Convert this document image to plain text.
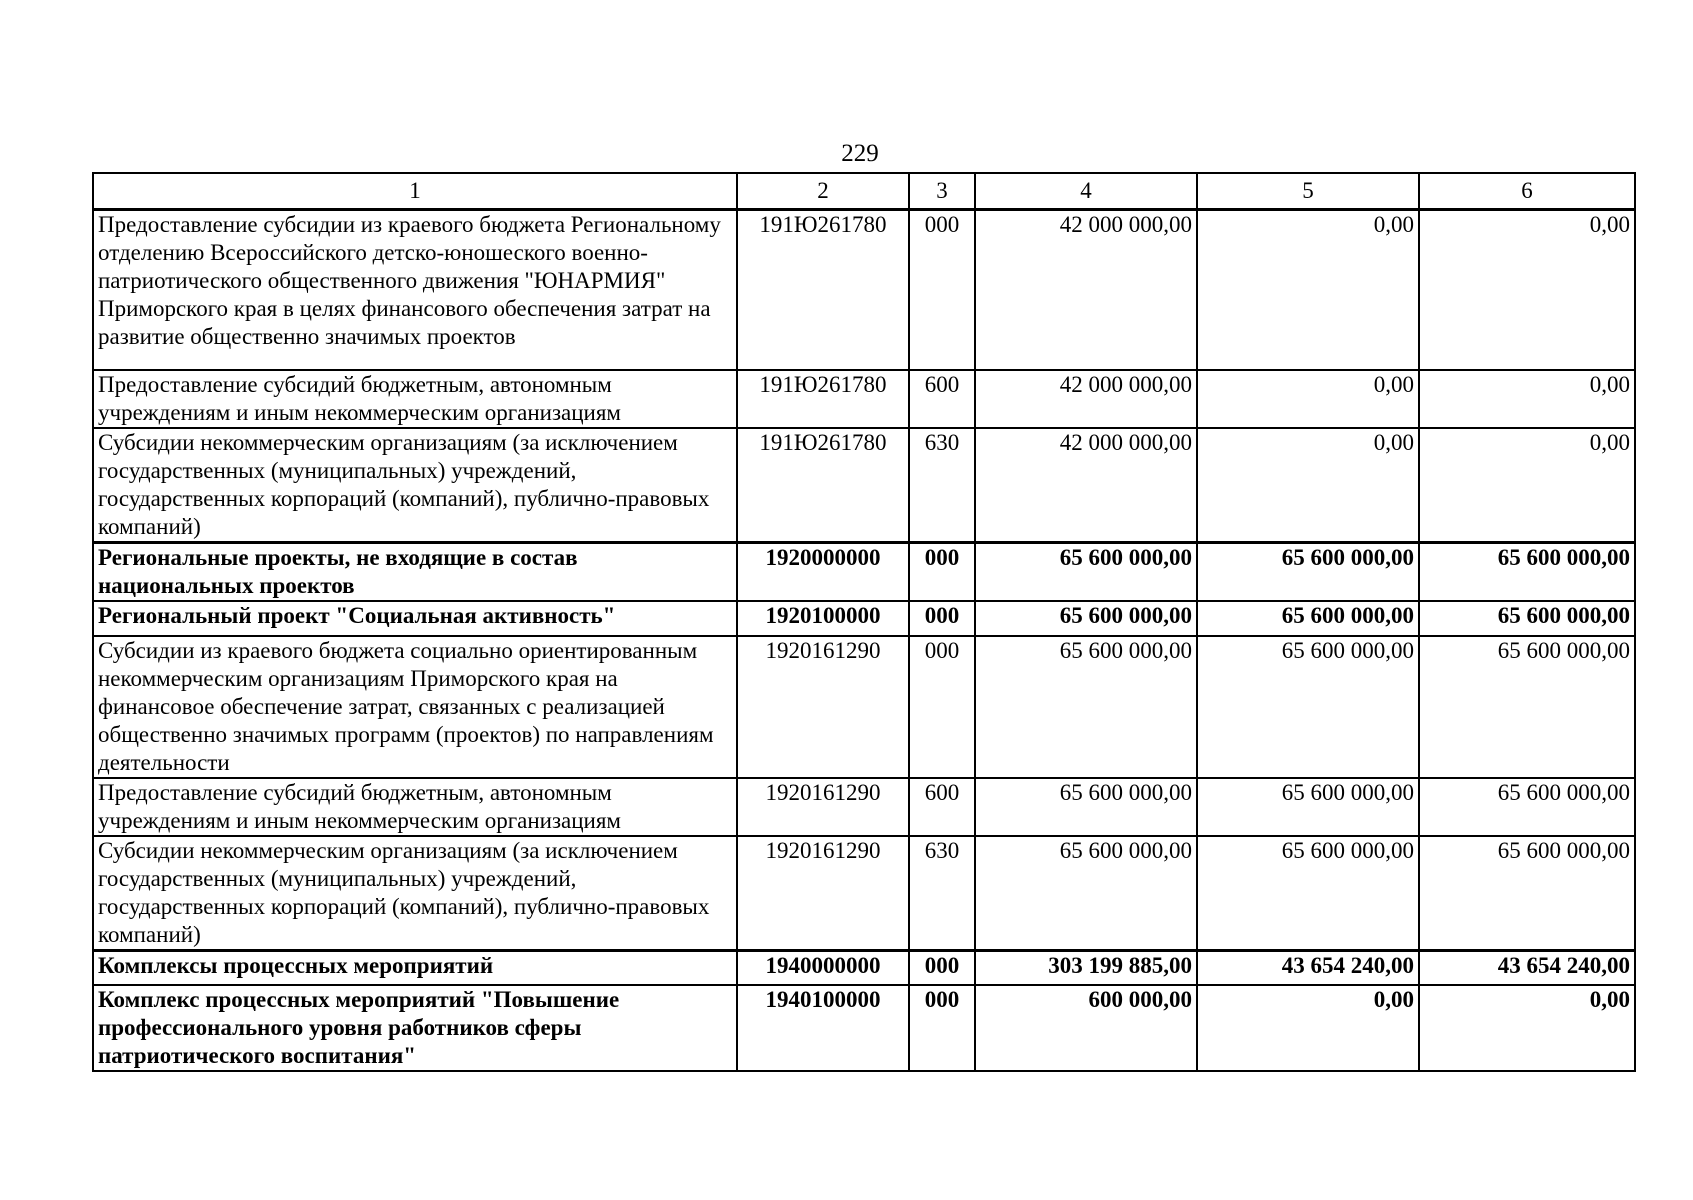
229
1	2	3	4	5	6
Предоставление субсидии из краевого бюджета Региональному отделению Всероссийского детско-юношеского военно-патриотического общественного движения "ЮНАРМИЯ" Приморского края в целях финансового обеспечения затрат на развитие общественно значимых проектов	191Ю261780	000	42 000 000,00	0,00	0,00
Предоставление субсидий бюджетным, автономным учреждениям и иным некоммерческим организациям	191Ю261780	600	42 000 000,00	0,00	0,00
Субсидии некоммерческим организациям (за исключением государственных (муниципальных) учреждений, государственных корпораций (компаний), публично-правовых компаний)	191Ю261780	630	42 000 000,00	0,00	0,00
Региональные проекты, не входящие в состав национальных проектов	1920000000	000	65 600 000,00	65 600 000,00	65 600 000,00
Региональный проект "Социальная активность"	1920100000	000	65 600 000,00	65 600 000,00	65 600 000,00
Субсидии из краевого бюджета социально ориентированным некоммерческим организациям Приморского края на финансовое обеспечение затрат, связанных с реализацией общественно значимых программ (проектов) по направлениям деятельности	1920161290	000	65 600 000,00	65 600 000,00	65 600 000,00
Предоставление субсидий бюджетным, автономным учреждениям и иным некоммерческим организациям	1920161290	600	65 600 000,00	65 600 000,00	65 600 000,00
Субсидии некоммерческим организациям (за исключением государственных (муниципальных) учреждений, государственных корпораций (компаний), публично-правовых компаний)	1920161290	630	65 600 000,00	65 600 000,00	65 600 000,00
Комплексы процессных мероприятий	1940000000	000	303 199 885,00	43 654 240,00	43 654 240,00
Комплекс процессных мероприятий "Повышение профессионального уровня работников сферы патриотического воспитания"	1940100000	000	600 000,00	0,00	0,00
